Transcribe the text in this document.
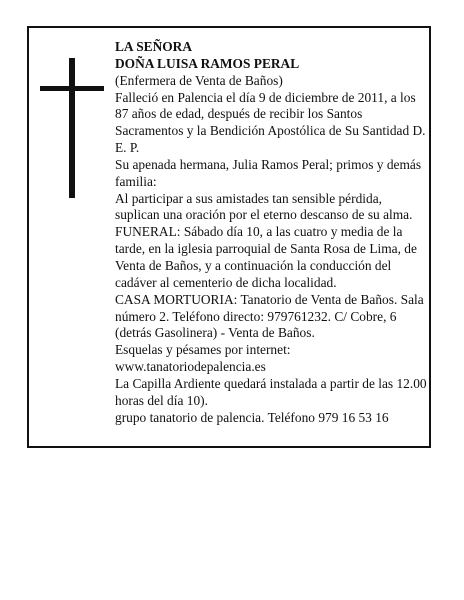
LA SEÑORA

DOÑA LUISA RAMOS PERAL

(Enfermera de Venta de Baños)

Falleció en Palencia el día 9 de diciembre de 2011, a los 87 años de edad, después de recibir los Santos Sacramentos y la Bendición Apostólica de Su Santidad D. E. P.

Su apenada hermana, Julia Ramos Peral; primos y demás familia:

Al participar a sus amistades tan sensible pérdida, suplican una oración por el eterno descanso de su alma.

FUNERAL: Sábado día 10, a las cuatro y media de la tarde, en la iglesia parroquial de Santa Rosa de Lima, de Venta de Baños, y a continuación la conducción del cadáver al cementerio de dicha localidad.

CASA MORTUORIA: Tanatorio de Venta de Baños. Sala número 2. Teléfono directo: 979761232. C/ Cobre, 6 (detrás Gasolinera) - Venta de Baños.

Esquelas y pésames por internet: www.tanatoriodepalencia.es

La Capilla Ardiente quedará instalada a partir de las 12.00 horas del día 10).

grupo tanatorio de palencia. Teléfono 979 16 53 16
